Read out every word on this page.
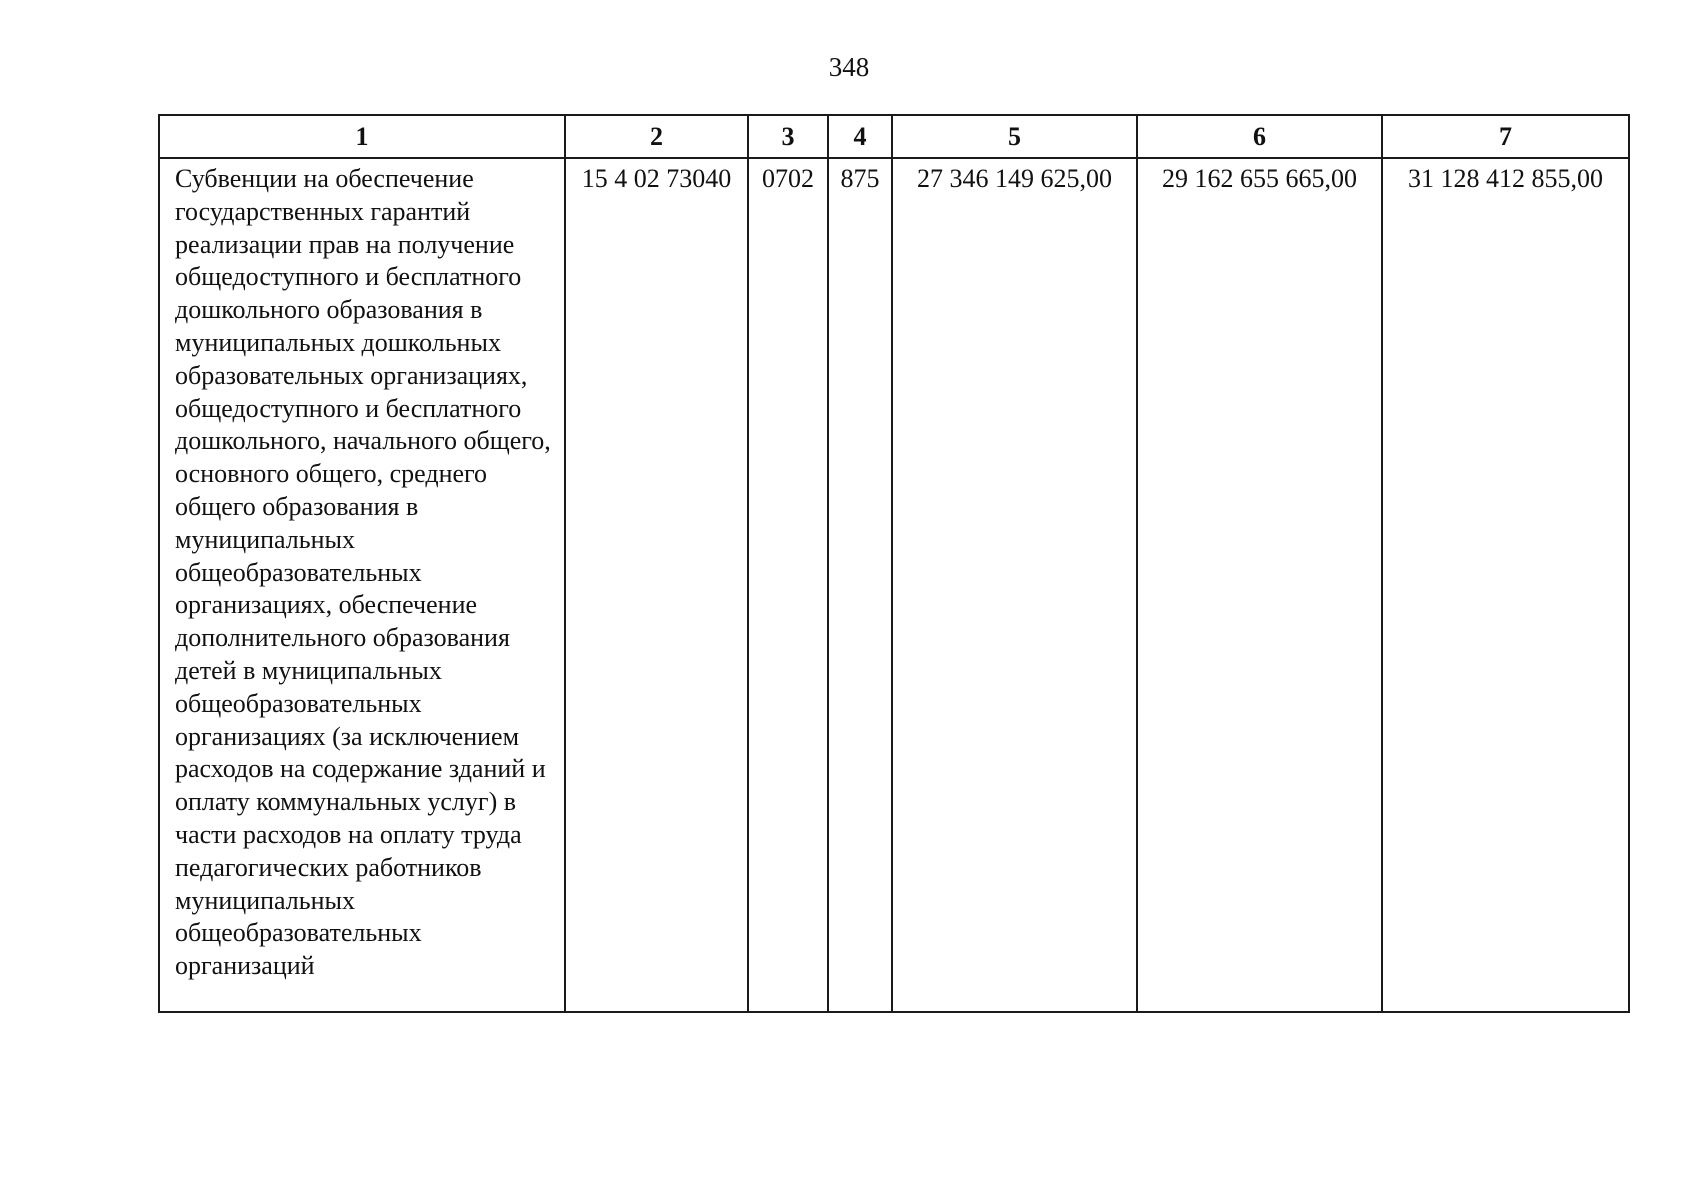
348
1	2	3	4	5	6	7
Субвенции на обеспечение государственных гарантий реализации прав на получение общедоступного и бесплатного дошкольного образования в муниципальных дошкольных образовательных организациях, общедоступного и бесплатного дошкольного, начального общего, основного общего, среднего общего образования в муниципальных общеобразовательных организациях, обеспечение дополнительного образования детей в муниципальных общеобразовательных организациях (за исключением расходов на содержание зданий и оплату коммунальных услуг) в части расходов на оплату труда педагогических работников муниципальных общеобразовательных организаций	15 4 02 73040	0702	875	27 346 149 625,00	29 162 655 665,00	31 128 412 855,00
